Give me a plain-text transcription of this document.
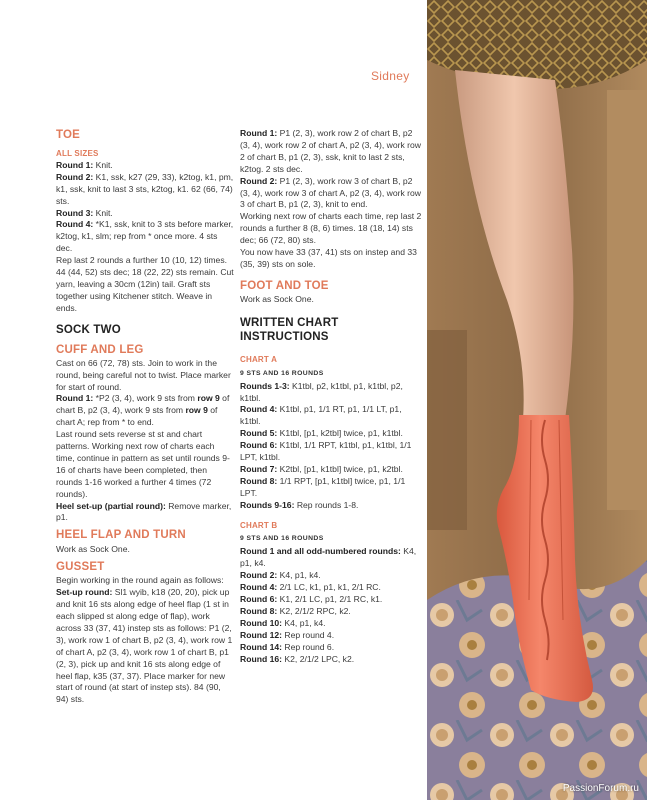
Sidney
TOE
ALL SIZES

Round 1: Knit.

Round 2: K1, ssk, k27 (29, 33), k2tog, k1, pm, k1, ssk, knit to last 3 sts, k2tog, k1. 62 (66, 74) sts.

Round 3: Knit.

Round 4: *K1, ssk, knit to 3 sts before marker, k2tog, k1, slm; rep from * once more. 4 sts dec.

Rep last 2 rounds a further 10 (10, 12) times. 44 (44, 52) sts dec; 18 (22, 22) sts remain. Cut yarn, leaving a 30cm (12in) tail. Graft sts together using Kitchener stitch. Weave in ends.

SOCK TWO
CUFF AND LEG

Cast on 66 (72, 78) sts. Join to work in the round, being careful not to twist. Place marker for start of round.

Round 1: *P2 (3, 4), work 9 sts from row 9 of chart B, p2 (3, 4), work 9 sts from row 9 of chart A; rep from * to end.

Last round sets reverse st st and chart patterns. Working next row of charts each time, continue in pattern as set until rounds 9-16 of charts have been completed, then rounds 1-16 worked a further 4 times (72 rounds).

Heel set-up (partial round): Remove marker, p1.

HEEL FLAP AND TURN

Work as Sock One.

GUSSET

Begin working in the round again as follows:

Set-up round: Sl1 wyib, k18 (20, 20), pick up and knit 16 sts along edge of heel flap (1 st in each slipped st along edge of flap), work across 33 (37, 41) instep sts as follows: P1 (2, 3), work row 1 of chart B, p2 (3, 4), work row 1 of chart A, p2 (3, 4), work row 1 of chart B, p1 (2, 3), pick up and knit 16 sts along edge of heel flap, k35 (37, 37). Place marker for new start of round (at start of instep sts). 84 (90, 94) sts.

Round 1: P1 (2, 3), work row 2 of chart B, p2 (3, 4), work row 2 of chart A, p2 (3, 4), work row 2 of chart B, p1 (2, 3), ssk, knit to last 2 sts, k2tog. 2 sts dec.

Round 2: P1 (2, 3), work row 3 of chart B, p2 (3, 4), work row 3 of chart A, p2 (3, 4), work row 3 of chart B, p1 (2, 3), knit to end.

Working next row of charts each time, rep last 2 rounds a further 8 (8, 6) times. 18 (18, 14) sts dec; 66 (72, 80) sts.

You now have 33 (37, 41) sts on instep and 33 (35, 39) sts on sole.

FOOT AND TOE

Work as Sock One.

WRITTEN CHART INSTRUCTIONS
CHART A
9 STS AND 16 ROUNDS

Rounds 1-3: K1tbl, p2, k1tbl, p1, k1tbl, p2, k1tbl.

Round 4: K1tbl, p1, 1/1 RT, p1, 1/1 LT, p1, k1tbl.

Round 5: K1tbl, [p1, k2tbl] twice, p1, k1tbl.

Round 6: K1tbl, 1/1 RPT, k1tbl, p1, k1tbl, 1/1 LPT, k1tbl.

Round 7: K2tbl, [p1, k1tbl] twice, p1, k2tbl.

Round 8: 1/1 RPT, [p1, k1tbl] twice, p1, 1/1 LPT.

Rounds 9-16: Rep rounds 1-8.

CHART B
9 STS AND 16 ROUNDS

Round 1 and all odd-numbered rounds: K4, p1, k4.

Round 2: K4, p1, k4.

Round 4: 2/1 LC, k1, p1, k1, 2/1 RC.

Round 6: K1, 2/1 LC, p1, 2/1 RC, k1.

Round 8: K2, 2/1/2 RPC, k2.

Round 10: K4, p1, k4.

Round 12: Rep round 4.

Round 14: Rep round 6.

Round 16: K2, 2/1/2 LPC, k2.

PassionForum.ru
